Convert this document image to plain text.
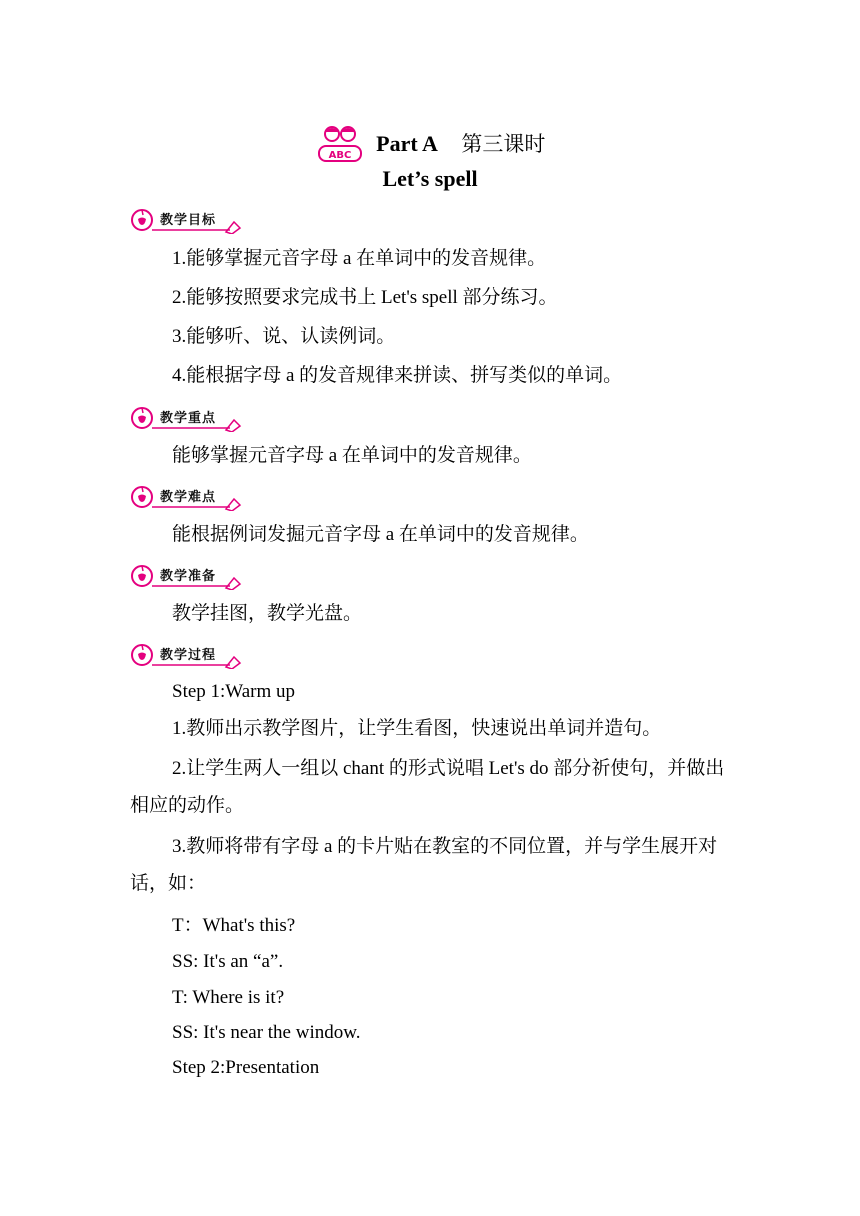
ABC Part A 第三课时
Let’s spell
教学目标
1.能够掌握元音字母 a 在单词中的发音规律。
2.能够按照要求完成书上 Let's spell 部分练习。
3.能够听、说、认读例词。
4.能根据字母 a 的发音规律来拼读、拼写类似的单词。
教学重点
能够掌握元音字母 a 在单词中的发音规律。
教学难点
能根据例词发掘元音字母 a 在单词中的发音规律。
教学准备
教学挂图，教学光盘。
教学过程
Step 1:Warm up
1.教师出示教学图片，让学生看图，快速说出单词并造句。
2.让学生两人一组以 chant 的形式说唱 Let's do 部分祈使句，并做出相应的动作。
3.教师将带有字母 a 的卡片贴在教室的不同位置，并与学生展开对话，如：
T：What's this?
SS: It's an “a”.
T: Where is it?
SS: It's near the window.
Step 2:Presentation
